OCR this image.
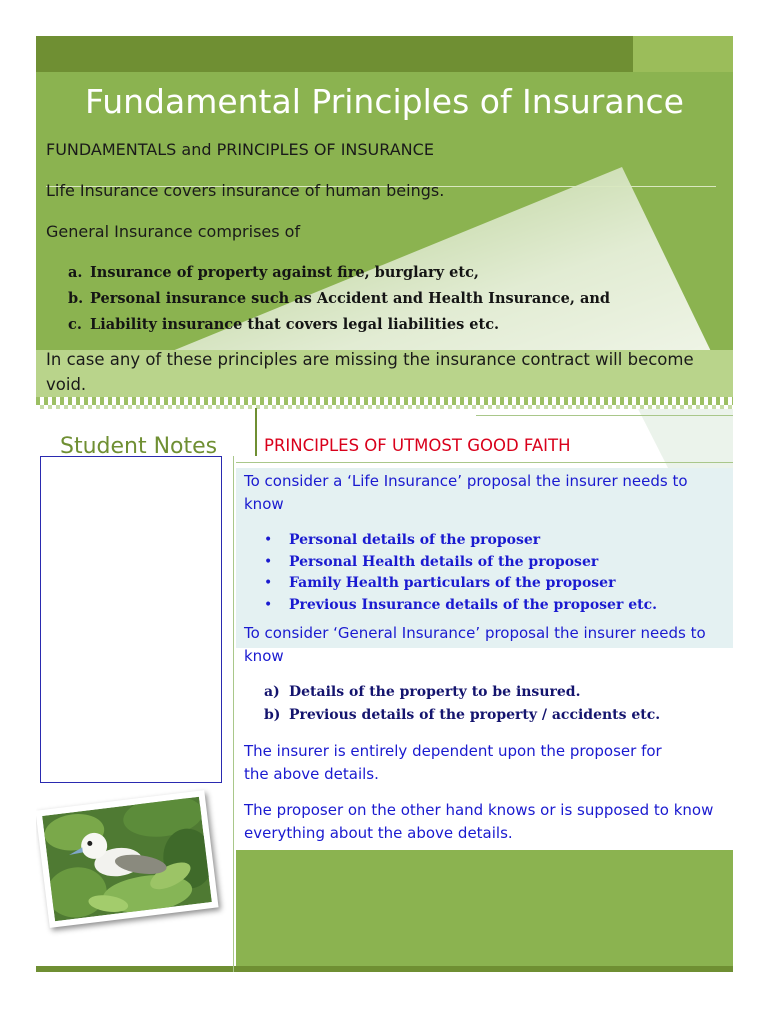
Fundamental Principles of Insurance
FUNDAMENTALS and PRINCIPLES OF INSURANCE
Life Insurance covers insurance of human beings.
General Insurance comprises of
a. Insurance of property against fire, burglary etc,
b. Personal insurance such as Accident and Health Insurance, and
c. Liability insurance that covers legal liabilities etc.
In case any of these principles are missing the insurance contract will become void.
Student Notes	PRINCIPLES OF UTMOST GOOD FAITH
To consider a ‘Life Insurance’ proposal the insurer needs to know
• Personal details of the proposer
• Personal Health details of the proposer
• Family Health particulars of the proposer
• Previous Insurance details of the proposer etc.
To consider ‘General Insurance’ proposal the insurer needs to know
a) Details of the property to be insured.
b) Previous details of the property / accidents etc.
The insurer is entirely dependent upon the proposer for the above details.
The proposer on the other hand knows or is supposed to know everything about the above details.
